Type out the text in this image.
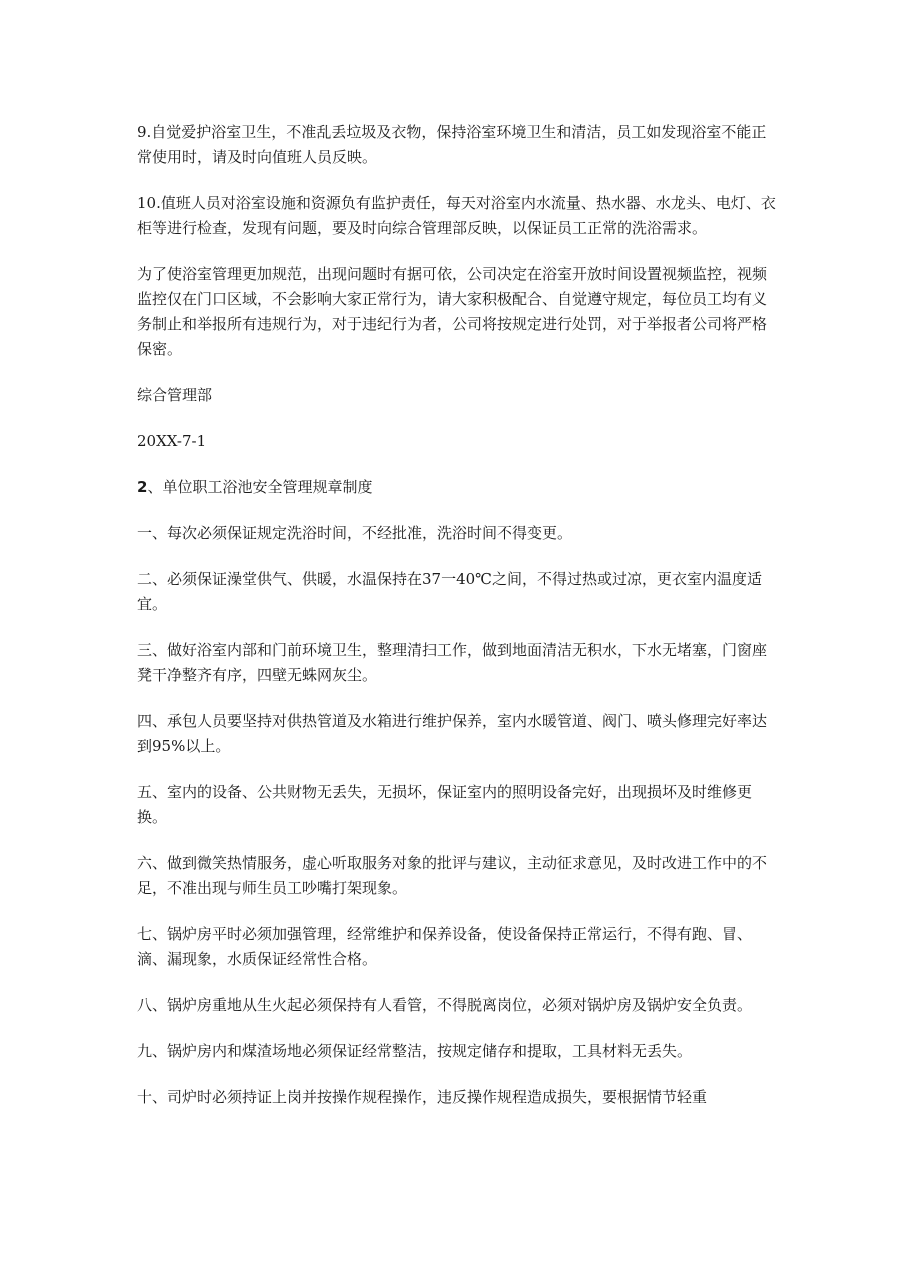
9.自觉爱护浴室卫生，不准乱丢垃圾及衣物，保持浴室环境卫生和清洁，员工如发现浴室不能正常使用时，请及时向值班人员反映。

10.值班人员对浴室设施和资源负有监护责任，每天对浴室内水流量、热水器、水龙头、电灯、衣柜等进行检查，发现有问题，要及时向综合管理部反映，以保证员工正常的洗浴需求。

为了使浴室管理更加规范，出现问题时有据可依，公司决定在浴室开放时间设置视频监控，视频监控仅在门口区域，不会影响大家正常行为，请大家积极配合、自觉遵守规定，每位员工均有义务制止和举报所有违规行为，对于违纪行为者，公司将按规定进行处罚，对于举报者公司将严格保密。

综合管理部

20XX-7-1

2、单位职工浴池安全管理规章制度

一、每次必须保证规定洗浴时间，不经批准，洗浴时间不得变更。

二、必须保证澡堂供气、供暖，水温保持在37一40℃之间，不得过热或过凉，更衣室内温度适宜。

三、做好浴室内部和门前环境卫生，整理清扫工作，做到地面清洁无积水，下水无堵塞，门窗座凳干净整齐有序，四壁无蛛网灰尘。

四、承包人员要坚持对供热管道及水箱进行维护保养，室内水暖管道、阀门、喷头修理完好率达到95%以上。

五、室内的设备、公共财物无丢失，无损坏，保证室内的照明设备完好，出现损坏及时维修更换。

六、做到微笑热情服务，虚心听取服务对象的批评与建议，主动征求意见，及时改进工作中的不足，不准出现与师生员工吵嘴打架现象。

七、锅炉房平时必须加强管理，经常维护和保养设备，使设备保持正常运行，不得有跑、冒、滴、漏现象，水质保证经常性合格。

八、锅炉房重地从生火起必须保持有人看管，不得脱离岗位，必须对锅炉房及锅炉安全负责。

九、锅炉房内和煤渣场地必须保证经常整洁，按规定储存和提取，工具材料无丢失。

十、司炉时必须持证上岗并按操作规程操作，违反操作规程造成损失，要根据情节轻重
